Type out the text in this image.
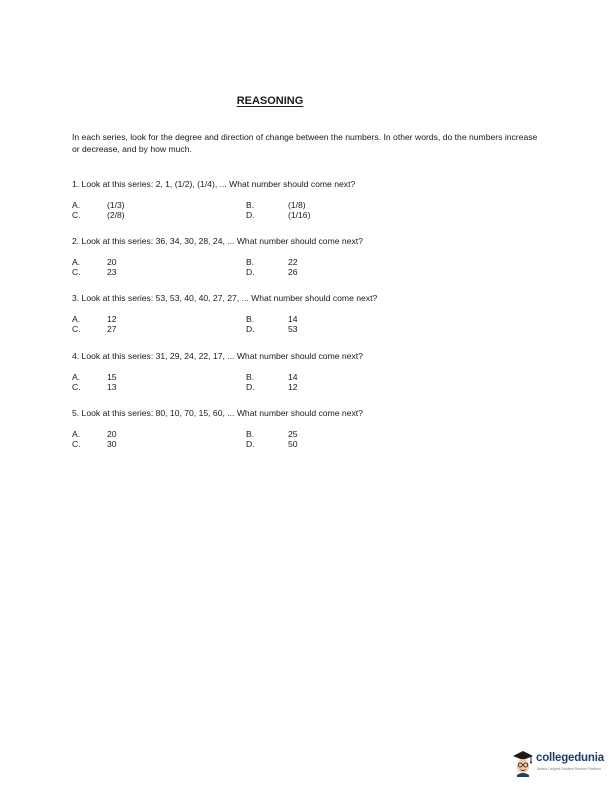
REASONING
In each series, look for the degree and direction of change between the numbers. In other words, do the numbers increase or decrease, and by how much.
1. Look at this series: 2, 1, (1/2), (1/4), ... What number should come next?
A.	(1/3)	B.	(1/8)
C.	(2/8)	D.	(1/16)
2. Look at this series: 36, 34, 30, 28, 24, ... What number should come next?
A.	20	B.	22
C.	23	D.	26
3. Look at this series: 53, 53, 40, 40, 27, 27, ... What number should come next?
A.	12	B.	14
C.	27	D.	53
4. Look at this series: 31, 29, 24, 22, 17, ... What number should come next?
A.	15	B.	14
C.	13	D.	12
5. Look at this series: 80, 10, 70, 15, 60, ... What number should come next?
A.	20	B.	25
C.	30	D.	50
collegedunia
India's Largest Student Review Platform
